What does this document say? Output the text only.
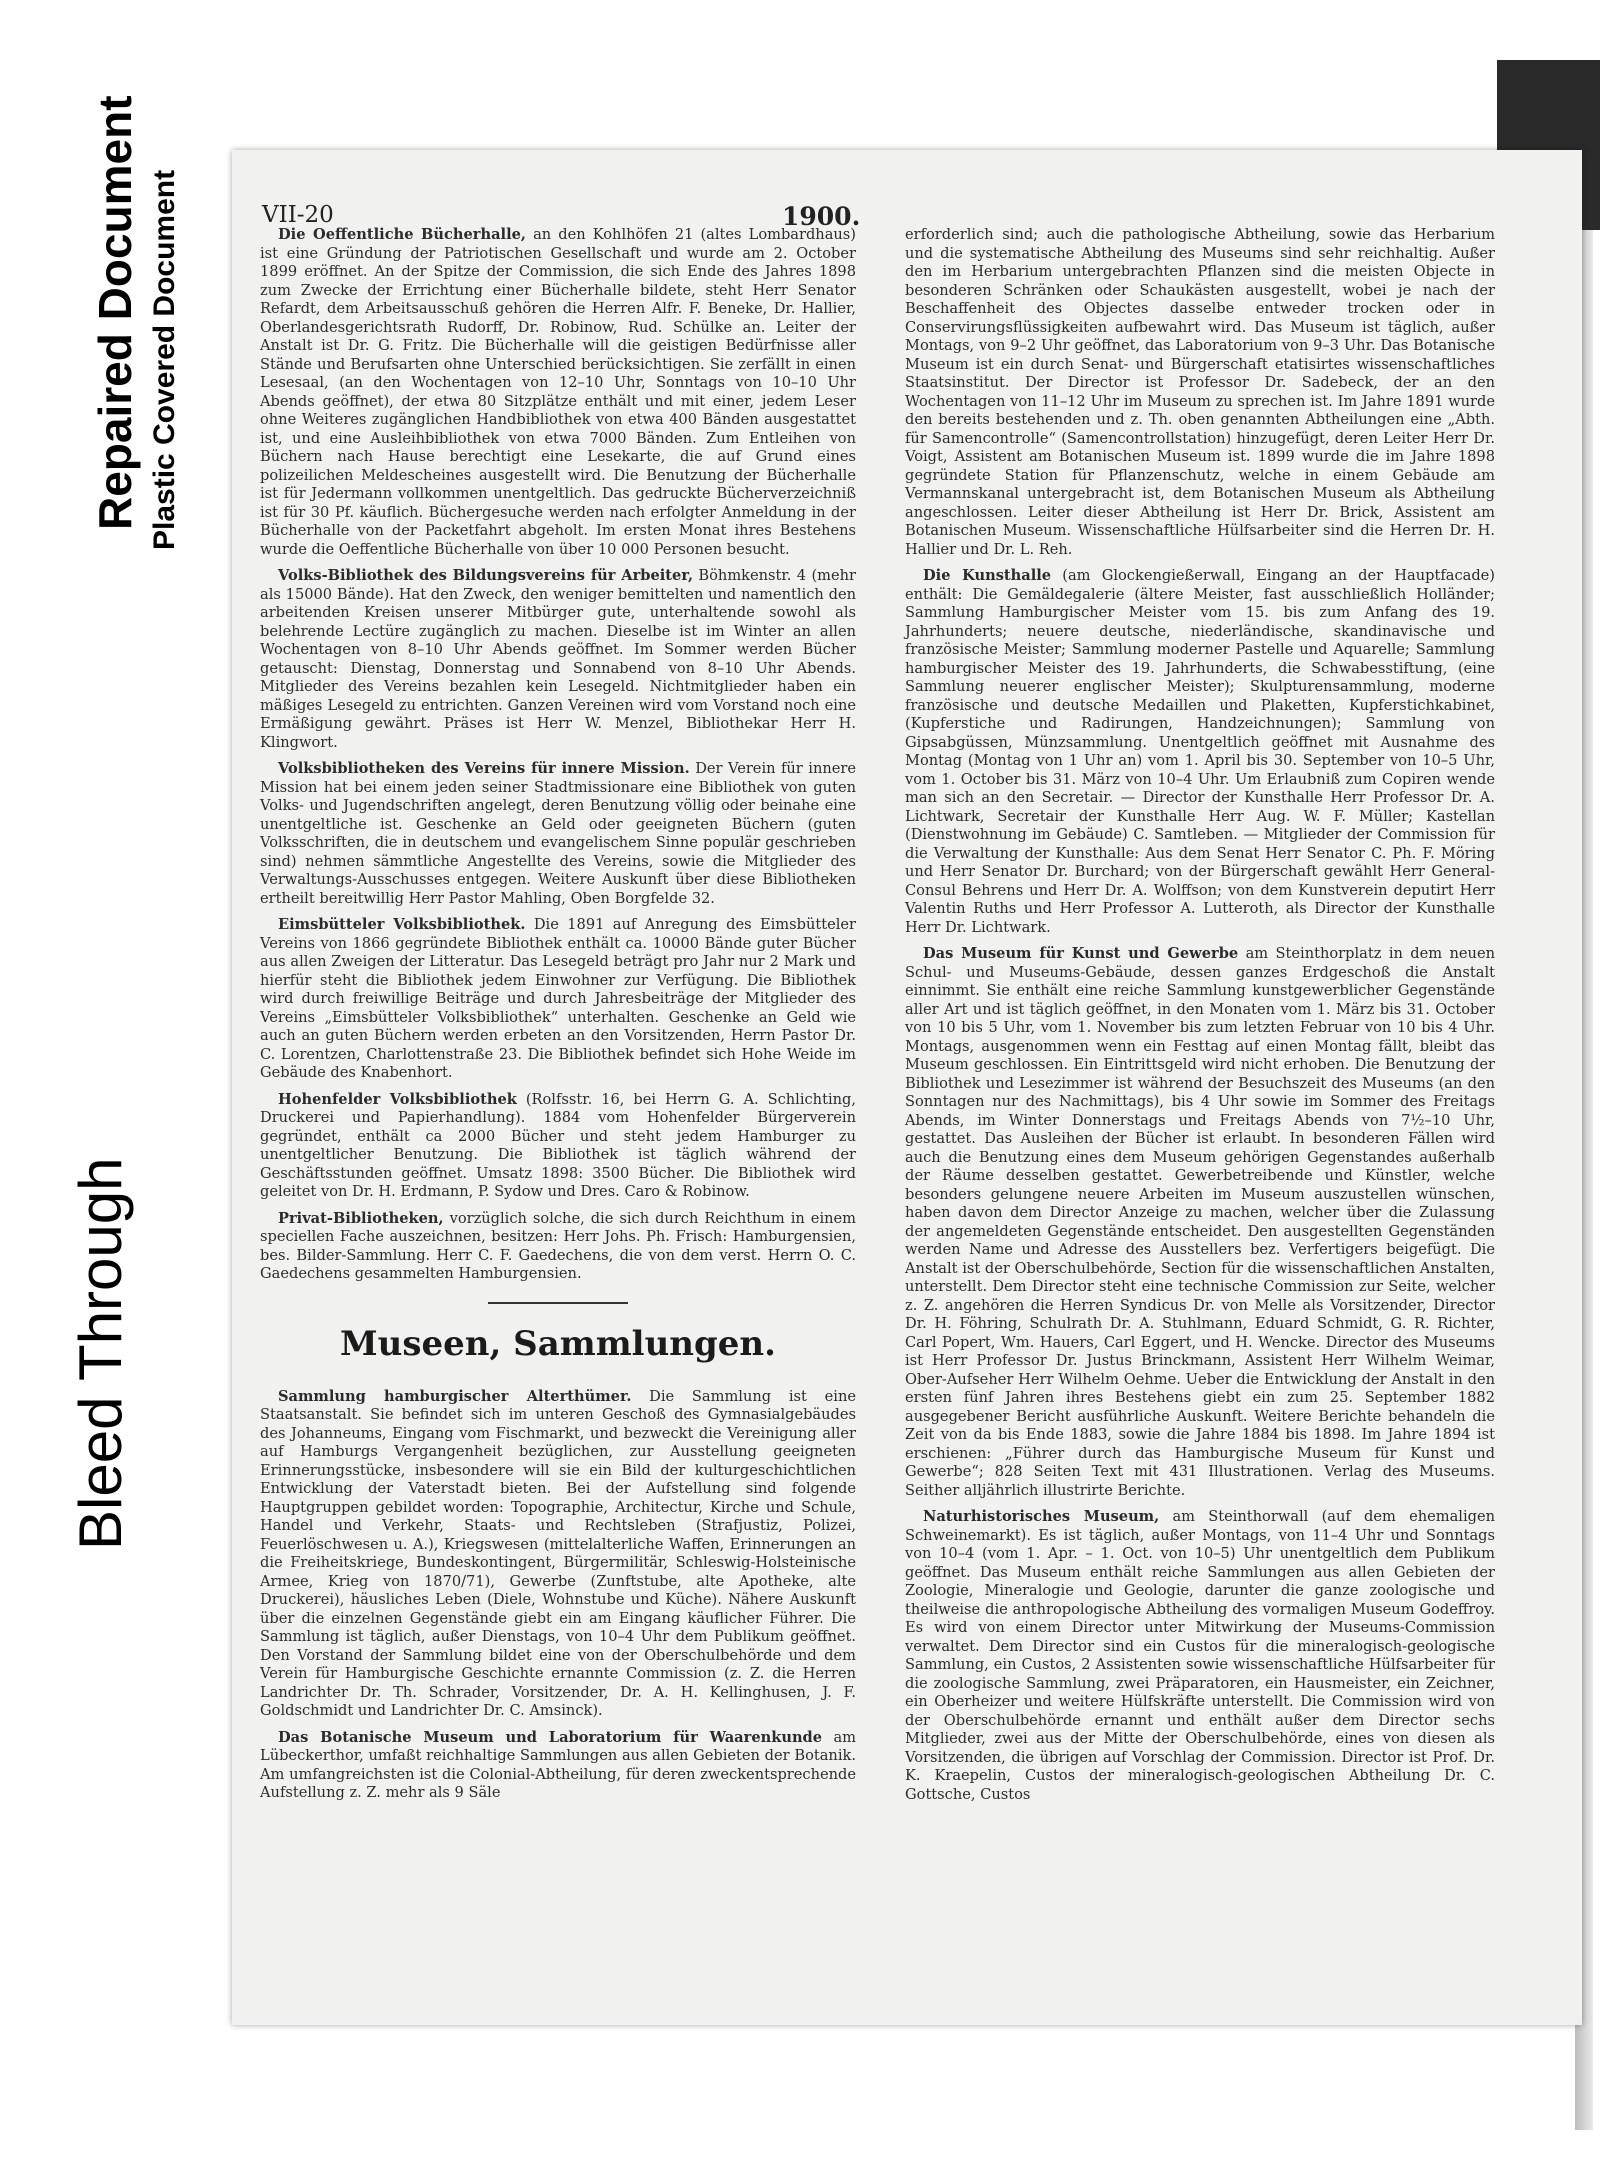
Bleed Through
Repaired Document Plastic Covered Document	VII-20	1900.

Die Oeffentliche Bücherhalle, an den Kohlhöfen 21 (altes Lombardhaus) ist eine Gründung der Patriotischen Gesellschaft und wurde am 2. October 1899 eröffnet. An der Spitze der Commission, die sich Ende des Jahres 1898 zum Zwecke der Errichtung einer Bücherhalle bildete, steht Herr Senator Refardt, dem Arbeitsausschuß gehören die Herren Alfr. F. Beneke, Dr. Hallier, Oberlandesgerichtsrath Rudorff, Dr. Robinow, Rud. Schülke an. Leiter der Anstalt ist Dr. G. Fritz. Die Bücherhalle will die geistigen Bedürfnisse aller Stände und Berufsarten ohne Unterschied berücksichtigen. Sie zerfällt in einen Lesesaal, (an den Wochentagen von 12–10 Uhr, Sonntags von 10–10 Uhr Abends geöffnet), der etwa 80 Sitzplätze enthält und mit einer, jedem Leser ohne Weiteres zugänglichen Handbibliothek von etwa 400 Bänden ausgestattet ist, und eine Ausleihbibliothek von etwa 7000 Bänden. Zum Entleihen von Büchern nach Hause berechtigt eine Lesekarte, die auf Grund eines polizeilichen Meldescheines ausgestellt wird. Die Benutzung der Bücherhalle ist für Jedermann vollkommen unentgeltlich. Das gedruckte Bücherverzeichniß ist für 30 Pf. käuflich. Büchergesuche werden nach erfolgter Anmeldung in der Bücherhalle von der Packetfahrt abgeholt. Im ersten Monat ihres Bestehens wurde die Oeffentliche Bücherhalle von über 10 000 Personen besucht.

Volks-Bibliothek des Bildungsvereins für Arbeiter, Böhmkenstr. 4 (mehr als 15000 Bände). Hat den Zweck, den weniger bemittelten und namentlich den arbeitenden Kreisen unserer Mitbürger gute, unterhaltende sowohl als belehrende Lectüre zugänglich zu machen. Dieselbe ist im Winter an allen Wochentagen von 8–10 Uhr Abends geöffnet. Im Sommer werden Bücher getauscht: Dienstag, Donnerstag und Sonnabend von 8–10 Uhr Abends. Mitglieder des Vereins bezahlen kein Lesegeld. Nichtmitglieder haben ein mäßiges Lesegeld zu entrichten. Ganzen Vereinen wird vom Vorstand noch eine Ermäßigung gewährt. Präses ist Herr W. Menzel, Bibliothekar Herr H. Klingwort.

Volksbibliotheken des Vereins für innere Mission. Der Verein für innere Mission hat bei einem jeden seiner Stadtmissionare eine Bibliothek von guten Volks- und Jugendschriften angelegt, deren Benutzung völlig oder beinahe eine unentgeltliche ist. Geschenke an Geld oder geeigneten Büchern (guten Volksschriften, die in deutschem und evangelischem Sinne populär geschrieben sind) nehmen sämmtliche Angestellte des Vereins, sowie die Mitglieder des Verwaltungs-Ausschusses entgegen. Weitere Auskunft über diese Bibliotheken ertheilt bereitwillig Herr Pastor Mahling, Oben Borgfelde 32.

Eimsbütteler Volksbibliothek. Die 1891 auf Anregung des Eimsbütteler Vereins von 1866 gegründete Bibliothek enthält ca. 10000 Bände guter Bücher aus allen Zweigen der Litteratur. Das Lesegeld beträgt pro Jahr nur 2 Mark und hierfür steht die Bibliothek jedem Einwohner zur Verfügung. Die Bibliothek wird durch freiwillige Beiträge und durch Jahresbeiträge der Mitglieder des Vereins „Eimsbütteler Volksbibliothek“ unterhalten. Geschenke an Geld wie auch an guten Büchern werden erbeten an den Vorsitzenden, Herrn Pastor Dr. C. Lorentzen, Charlottenstraße 23. Die Bibliothek befindet sich Hohe Weide im Gebäude des Knabenhort.

Hohenfelder Volksbibliothek (Rolfsstr. 16, bei Herrn G. A. Schlichting, Druckerei und Papierhandlung). 1884 vom Hohenfelder Bürgerverein gegründet, enthält ca 2000 Bücher und steht jedem Hamburger zu unentgeltlicher Benutzung. Die Bibliothek ist täglich während der Geschäftsstunden geöffnet. Umsatz 1898: 3500 Bücher. Die Bibliothek wird geleitet von Dr. H. Erdmann, P. Sydow und Dres. Caro & Robinow.

Privat-Bibliotheken, vorzüglich solche, die sich durch Reichthum in einem speciellen Fache auszeichnen, besitzen: Herr Johs. Ph. Frisch: Hamburgensien, bes. Bilder-Sammlung. Herr C. F. Gaedechens, die von dem verst. Herrn O. C. Gaedechens gesammelten Hamburgensien.

Museen, Sammlungen.

Sammlung hamburgischer Alterthümer. Die Sammlung ist eine Staatsanstalt. Sie befindet sich im unteren Geschoß des Gymnasialgebäudes des Johanneums, Eingang vom Fischmarkt, und bezweckt die Vereinigung aller auf Hamburgs Vergangenheit bezüglichen, zur Ausstellung geeigneten Erinnerungsstücke, insbesondere will sie ein Bild der kulturgeschichtlichen Entwicklung der Vaterstadt bieten. Bei der Aufstellung sind folgende Hauptgruppen gebildet worden: Topographie, Architectur, Kirche und Schule, Handel und Verkehr, Staats- und Rechtsleben (Strafjustiz, Polizei, Feuerlöschwesen u. A.), Kriegswesen (mittelalterliche Waffen, Erinnerungen an die Freiheitskriege, Bundeskontingent, Bürgermilitär, Schleswig-Holsteinische Armee, Krieg von 1870/71), Gewerbe (Zunftstube, alte Apotheke, alte Druckerei), häusliches Leben (Diele, Wohnstube und Küche). Nähere Auskunft über die einzelnen Gegenstände giebt ein am Eingang käuflicher Führer. Die Sammlung ist täglich, außer Dienstags, von 10–4 Uhr dem Publikum geöffnet. Den Vorstand der Sammlung bildet eine von der Oberschulbehörde und dem Verein für Hamburgische Geschichte ernannte Commission (z. Z. die Herren Landrichter Dr. Th. Schrader, Vorsitzender, Dr. A. H. Kellinghusen, J. F. Goldschmidt und Landrichter Dr. C. Amsinck).

Das Botanische Museum und Laboratorium für Waarenkunde am Lübeckerthor, umfaßt reichhaltige Sammlungen aus allen Gebieten der Botanik. Am umfangreichsten ist die Colonial-Abtheilung, für deren zweckentsprechende Aufstellung z. Z. mehr als 9 Säle

erforderlich sind; auch die pathologische Abtheilung, sowie das Herbarium und die systematische Abtheilung des Museums sind sehr reichhaltig. Außer den im Herbarium untergebrachten Pflanzen sind die meisten Objecte in besonderen Schränken oder Schaukästen ausgestellt, wobei je nach der Beschaffenheit des Objectes dasselbe entweder trocken oder in Conservirungsflüssigkeiten aufbewahrt wird. Das Museum ist täglich, außer Montags, von 9–2 Uhr geöffnet, das Laboratorium von 9–3 Uhr. Das Botanische Museum ist ein durch Senat- und Bürgerschaft etatisirtes wissenschaftliches Staatsinstitut. Der Director ist Professor Dr. Sadebeck, der an den Wochentagen von 11–12 Uhr im Museum zu sprechen ist. Im Jahre 1891 wurde den bereits bestehenden und z. Th. oben genannten Abtheilungen eine „Abth. für Samencontrolle“ (Samencontrollstation) hinzugefügt, deren Leiter Herr Dr. Voigt, Assistent am Botanischen Museum ist. 1899 wurde die im Jahre 1898 gegründete Station für Pflanzenschutz, welche in einem Gebäude am Vermannskanal untergebracht ist, dem Botanischen Museum als Abtheilung angeschlossen. Leiter dieser Abtheilung ist Herr Dr. Brick, Assistent am Botanischen Museum. Wissenschaftliche Hülfsarbeiter sind die Herren Dr. H. Hallier und Dr. L. Reh.

Die Kunsthalle (am Glockengießerwall, Eingang an der Hauptfacade) enthält: Die Gemäldegalerie (ältere Meister, fast ausschließlich Holländer; Sammlung Hamburgischer Meister vom 15. bis zum Anfang des 19. Jahrhunderts; neuere deutsche, niederländische, skandinavische und französische Meister; Sammlung moderner Pastelle und Aquarelle; Sammlung hamburgischer Meister des 19. Jahrhunderts, die Schwabesstiftung, (eine Sammlung neuerer englischer Meister); Skulpturensammlung, moderne französische und deutsche Medaillen und Plaketten, Kupferstichkabinet, (Kupferstiche und Radirungen, Handzeichnungen); Sammlung von Gipsabgüssen, Münzsammlung. Unentgeltlich geöffnet mit Ausnahme des Montag (Montag von 1 Uhr an) vom 1. April bis 30. September von 10–5 Uhr, vom 1. October bis 31. März von 10–4 Uhr. Um Erlaubniß zum Copiren wende man sich an den Secretair. — Director der Kunsthalle Herr Professor Dr. A. Lichtwark, Secretair der Kunsthalle Herr Aug. W. F. Müller; Kastellan (Dienstwohnung im Gebäude) C. Samtleben. — Mitglieder der Commission für die Verwaltung der Kunsthalle: Aus dem Senat Herr Senator C. Ph. F. Möring und Herr Senator Dr. Burchard; von der Bürgerschaft gewählt Herr General-Consul Behrens und Herr Dr. A. Wolffson; von dem Kunstverein deputirt Herr Valentin Ruths und Herr Professor A. Lutteroth, als Director der Kunsthalle Herr Dr. Lichtwark.

Das Museum für Kunst und Gewerbe am Steinthorplatz in dem neuen Schul- und Museums-Gebäude, dessen ganzes Erdgeschoß die Anstalt einnimmt. Sie enthält eine reiche Sammlung kunstgewerblicher Gegenstände aller Art und ist täglich geöffnet, in den Monaten vom 1. März bis 31. October von 10 bis 5 Uhr, vom 1. November bis zum letzten Februar von 10 bis 4 Uhr. Montags, ausgenommen wenn ein Festtag auf einen Montag fällt, bleibt das Museum geschlossen. Ein Eintrittsgeld wird nicht erhoben. Die Benutzung der Bibliothek und Lesezimmer ist während der Besuchszeit des Museums (an den Sonntagen nur des Nachmittags), bis 4 Uhr sowie im Sommer des Freitags Abends, im Winter Donnerstags und Freitags Abends von 7½–10 Uhr, gestattet. Das Ausleihen der Bücher ist erlaubt. In besonderen Fällen wird auch die Benutzung eines dem Museum gehörigen Gegenstandes außerhalb der Räume desselben gestattet. Gewerbetreibende und Künstler, welche besonders gelungene neuere Arbeiten im Museum auszustellen wünschen, haben davon dem Director Anzeige zu machen, welcher über die Zulassung der angemeldeten Gegenstände entscheidet. Den ausgestellten Gegenständen werden Name und Adresse des Ausstellers bez. Verfertigers beigefügt. Die Anstalt ist der Oberschulbehörde, Section für die wissenschaftlichen Anstalten, unterstellt. Dem Director steht eine technische Commission zur Seite, welcher z. Z. angehören die Herren Syndicus Dr. von Melle als Vorsitzender, Director Dr. H. Föhring, Schulrath Dr. A. Stuhlmann, Eduard Schmidt, G. R. Richter, Carl Popert, Wm. Hauers, Carl Eggert, und H. Wencke. Director des Museums ist Herr Professor Dr. Justus Brinckmann, Assistent Herr Wilhelm Weimar, Ober-Aufseher Herr Wilhelm Oehme. Ueber die Entwicklung der Anstalt in den ersten fünf Jahren ihres Bestehens giebt ein zum 25. September 1882 ausgegebener Bericht ausführliche Auskunft. Weitere Berichte behandeln die Zeit von da bis Ende 1883, sowie die Jahre 1884 bis 1898. Im Jahre 1894 ist erschienen: „Führer durch das Hamburgische Museum für Kunst und Gewerbe“; 828 Seiten Text mit 431 Illustrationen. Verlag des Museums. Seither alljährlich illustrirte Berichte.

Naturhistorisches Museum, am Steinthorwall (auf dem ehemaligen Schweinemarkt). Es ist täglich, außer Montags, von 11–4 Uhr und Sonntags von 10–4 (vom 1. Apr. – 1. Oct. von 10–5) Uhr unentgeltlich dem Publikum geöffnet. Das Museum enthält reiche Sammlungen aus allen Gebieten der Zoologie, Mineralogie und Geologie, darunter die ganze zoologische und theilweise die anthropologische Abtheilung des vormaligen Museum Godeffroy. Es wird von einem Director unter Mitwirkung der Museums-Commission verwaltet. Dem Director sind ein Custos für die mineralogisch-geologische Sammlung, ein Custos, 2 Assistenten sowie wissenschaftliche Hülfsarbeiter für die zoologische Sammlung, zwei Präparatoren, ein Hausmeister, ein Zeichner, ein Oberheizer und weitere Hülfskräfte unterstellt. Die Commission wird von der Oberschulbehörde ernannt und enthält außer dem Director sechs Mitglieder, zwei aus der Mitte der Oberschulbehörde, eines von diesen als Vorsitzenden, die übrigen auf Vorschlag der Commission. Director ist Prof. Dr. K. Kraepelin, Custos der mineralogisch-geologischen Abtheilung Dr. C. Gottsche, Custos
